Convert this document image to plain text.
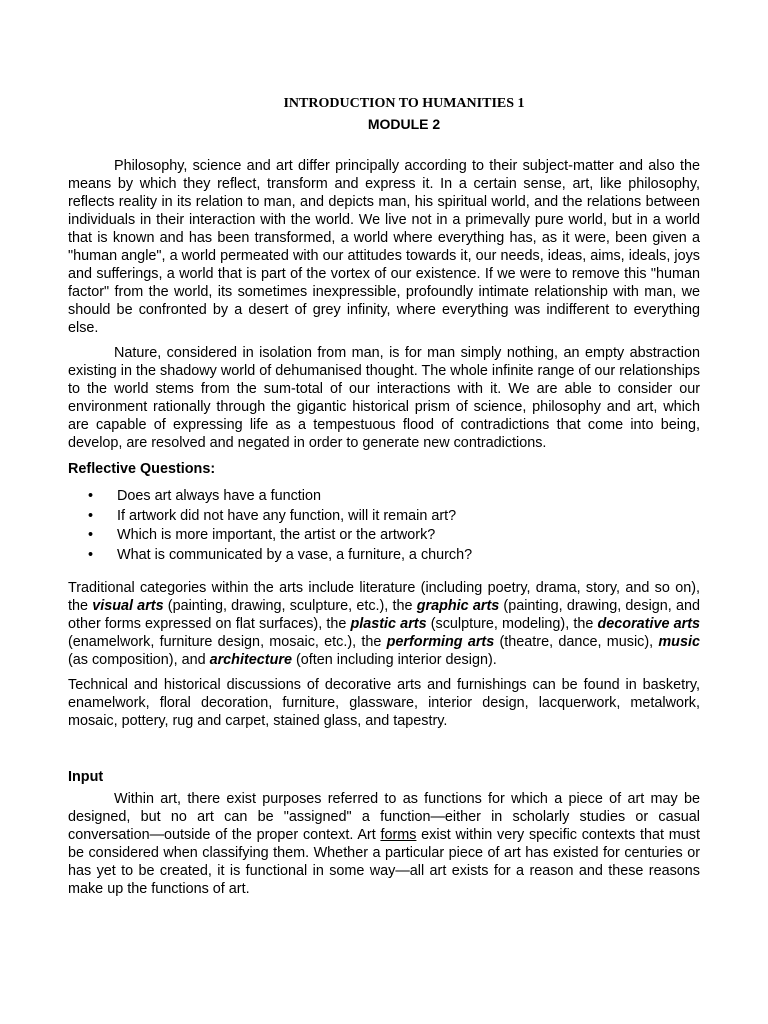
INTRODUCTION TO HUMANITIES 1
MODULE 2

Philosophy, science and art differ principally according to their subject-matter and also the means by which they reflect, transform and express it. In a certain sense, art, like philosophy, reflects reality in its relation to man, and depicts man, his spiritual world, and the relations between individuals in their interaction with the world. We live not in a primevally pure world, but in a world that is known and has been transformed, a world where everything has, as it were, been given a "human angle", a world permeated with our attitudes towards it, our needs, ideas, aims, ideals, joys and sufferings, a world that is part of the vortex of our existence. If we were to remove this "human factor" from the world, its sometimes inexpressible, profoundly intimate relationship with man, we should be confronted by a desert of grey infinity, where everything was indifferent to everything else.

Nature, considered in isolation from man, is for man simply nothing, an empty abstraction existing in the shadowy world of dehumanised thought. The whole infinite range of our relationships to the world stems from the sum-total of our interactions with it. We are able to consider our environment rationally through the gigantic historical prism of science, philosophy and art, which are capable of expressing life as a tempestuous flood of contradictions that come into being, develop, are resolved and negated in order to generate new contradictions.

Reflective Questions:
• Does art always have a function
• If artwork did not have any function, will it remain art?
• Which is more important, the artist or the artwork?
• What is communicated by a vase, a furniture, a church?

Traditional categories within the arts include literature (including poetry, drama, story, and so on), the visual arts (painting, drawing, sculpture, etc.), the graphic arts (painting, drawing, design, and other forms expressed on flat surfaces), the plastic arts (sculpture, modeling), the decorative arts (enamelwork, furniture design, mosaic, etc.), the performing arts (theatre, dance, music), music (as composition), and architecture (often including interior design).

Technical and historical discussions of decorative arts and furnishings can be found in basketry, enamelwork, floral decoration, furniture, glassware, interior design, lacquerwork, metalwork, mosaic, pottery, rug and carpet, stained glass, and tapestry.

Input

Within art, there exist purposes referred to as functions for which a piece of art may be designed, but no art can be "assigned" a function—either in scholarly studies or casual conversation—outside of the proper context. Art forms exist within very specific contexts that must be considered when classifying them. Whether a particular piece of art has existed for centuries or has yet to be created, it is functional in some way—all art exists for a reason and these reasons make up the functions of art.
